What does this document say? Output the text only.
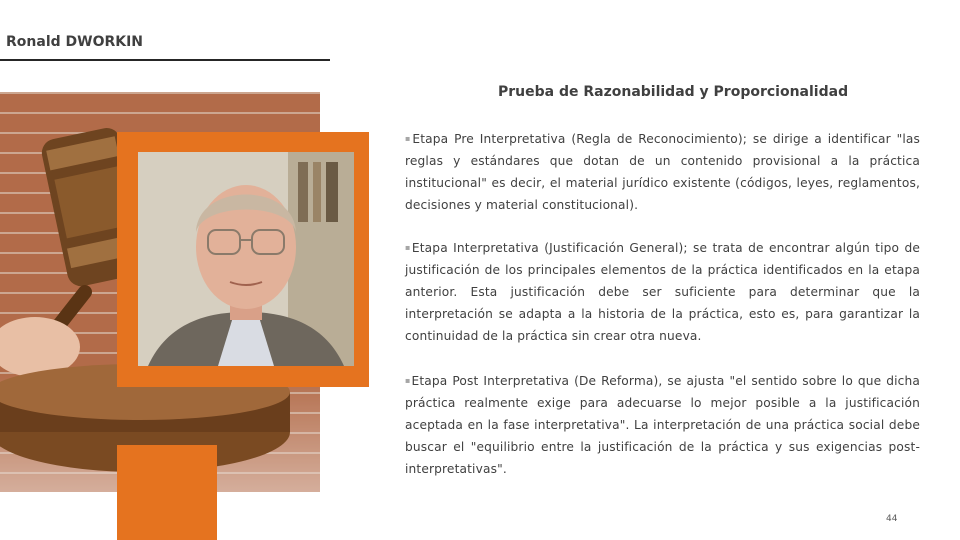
Ronald DWORKIN
Prueba de Razonabilidad y Proporcionalidad
▪Etapa Pre Interpretativa (Regla de Reconocimiento); se dirige a identificar "las reglas y estándares que dotan de un contenido provisional a la práctica institucional" es decir, el material jurídico existente (códigos, leyes, reglamentos, decisiones y material constitucional).
▪Etapa Interpretativa (Justificación General); se trata de encontrar algún tipo de justificación de los principales elementos de la práctica identificados en la etapa anterior. Esta justificación debe ser suficiente para determinar que la interpretación se adapta a la historia de la práctica, esto es, para garantizar la continuidad de la práctica sin crear otra nueva.
▪Etapa Post Interpretativa (De Reforma), se ajusta "el sentido sobre lo que dicha práctica realmente exige para adecuarse lo mejor posible a la justificación aceptada en la fase interpretativa". La interpretación de una práctica social debe buscar el "equilibrio entre la justificación de la práctica y sus exigencias post-interpretativas".
44
